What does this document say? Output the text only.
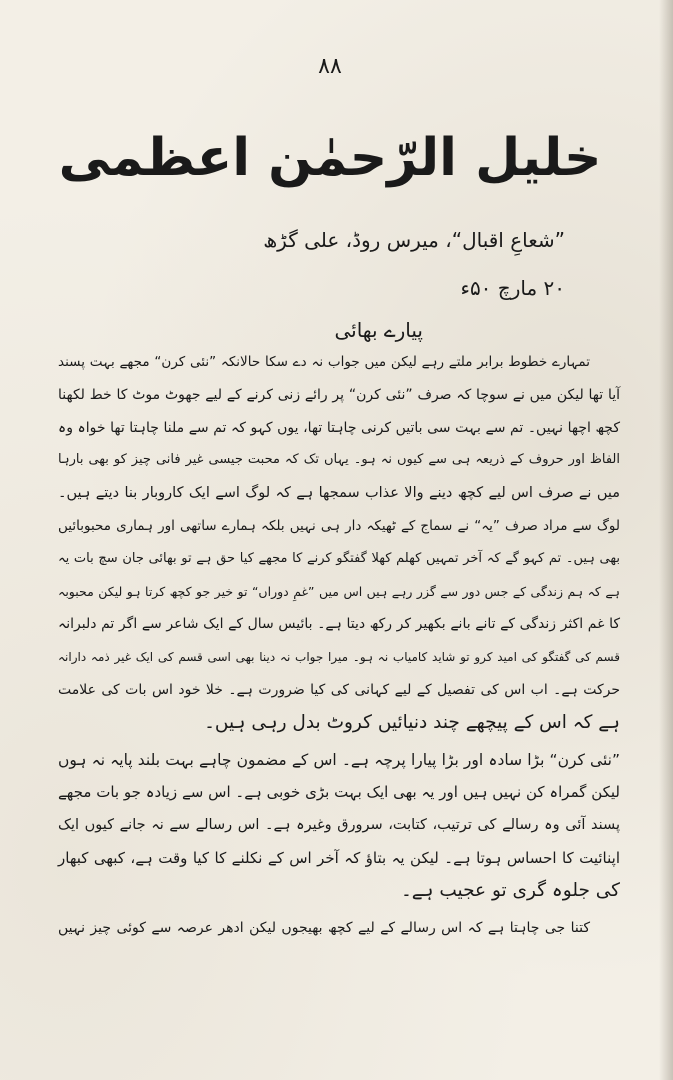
۸۸
خلیل الرّحمٰن اعظمی
”شعاعِ اقبال“، میرس روڈ، علی گڑھ
۲۰ مارچ ۵۰ء
پیارے بھائی
تمہارے خطوط برابر ملتے رہے لیکن میں جواب نہ دے سکا حالانکہ ”نئی کرن“ مجھے بہت پسند
آیا تھا لیکن میں نے سوچا کہ صرف ”نئی کرن“ پر رائے زنی کرنے کے لیے جھوٹ موٹ کا خط لکھنا
کچھ اچھا نہیں۔ تم سے بہت سی باتیں کرنی چاہتا تھا، یوں کہو کہ تم سے ملنا چاہتا تھا خواہ وہ
الفاظ اور حروف کے ذریعہ ہی سے کیوں نہ ہو۔ یہاں تک کہ محبت جیسی غیر فانی چیز کو بھی بارہا
میں نے صرف اس لیے کچھ دینے والا عذاب سمجھا ہے کہ لوگ اسے ایک کاروبار بنا دیتے ہیں۔
لوگ سے مراد صرف ”یہ“ نے سماج کے ٹھیکہ دار ہی نہیں بلکہ ہمارے ساتھی اور ہماری محبوبائیں
بھی ہیں۔ تم کہو گے کہ آخر تمہیں کھلم کھلا گفتگو کرنے کا مجھے کیا حق ہے تو بھائی جان سچ بات یہ
ہے کہ ہم زندگی کے جس دور سے گزر رہے ہیں اس میں ”غمِ دوراں“ تو خیر جو کچھ کرتا ہو لیکن محبوبہ
کا غم اکثر زندگی کے تانے بانے بکھیر کر رکھ دیتا ہے۔ بائیس سال کے ایک شاعر سے اگر تم دلبرانہ
قسم کی گفتگو کی امید کرو تو شاید کامیاب نہ ہو۔ میرا جواب نہ دینا بھی اسی قسم کی ایک غیر ذمہ دارانہ
حرکت ہے۔ اب اس کی تفصیل کے لیے کہانی کی کیا ضرورت ہے۔ خلا خود اس بات کی علامت
ہے کہ اس کے پیچھے چند دنیائیں کروٹ بدل رہی ہیں۔
”نئی کرن“ بڑا سادہ اور بڑا پیارا پرچہ ہے۔ اس کے مضمون چاہے بہت بلند پایہ نہ ہوں
لیکن گمراہ کن نہیں ہیں اور یہ بھی ایک بہت بڑی خوبی ہے۔ اس سے زیادہ جو بات مجھے
پسند آئی وہ رسالے کی ترتیب، کتابت، سرورق وغیرہ ہے۔ اس رسالے سے نہ جانے کیوں ایک
اپنائیت کا احساس ہوتا ہے۔ لیکن یہ بتاؤ کہ آخر اس کے نکلنے کا کیا وقت ہے، کبھی کبھار
کی جلوہ گری تو عجیب ہے۔
کتنا جی چاہتا ہے کہ اس رسالے کے لیے کچھ بھیجوں لیکن ادھر عرصہ سے کوئی چیز نہیں
